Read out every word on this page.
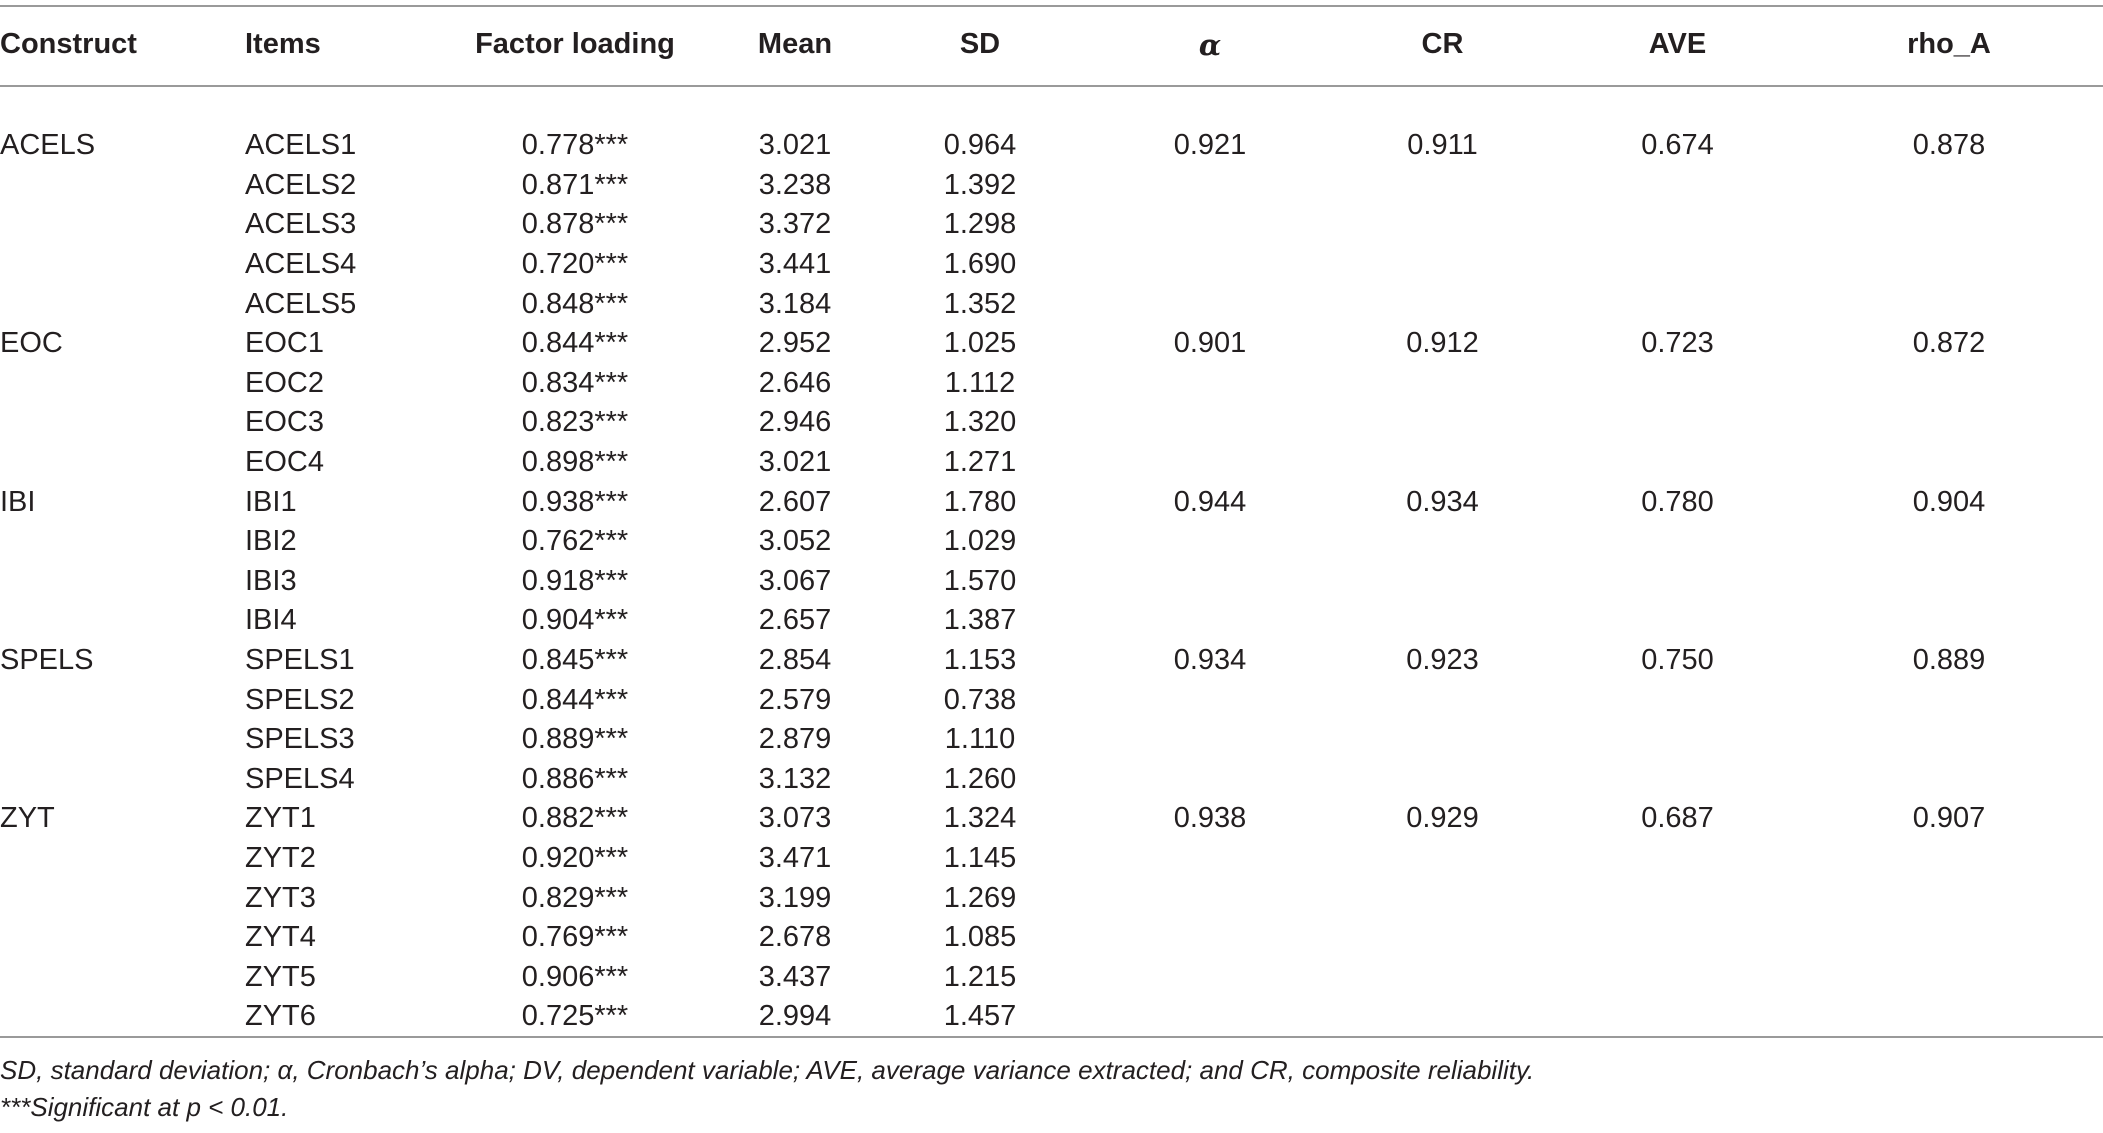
Construct	Items	Factor loading	Mean	SD	α	CR	AVE	rho_A
ACELS	ACELS1	0.778***	3.021	0.964	0.921	0.911	0.674	0.878
	ACELS2	0.871***	3.238	1.392				
	ACELS3	0.878***	3.372	1.298				
	ACELS4	0.720***	3.441	1.690				
	ACELS5	0.848***	3.184	1.352				
EOC	EOC1	0.844***	2.952	1.025	0.901	0.912	0.723	0.872
	EOC2	0.834***	2.646	1.112				
	EOC3	0.823***	2.946	1.320				
	EOC4	0.898***	3.021	1.271				
IBI	IBI1	0.938***	2.607	1.780	0.944	0.934	0.780	0.904
	IBI2	0.762***	3.052	1.029				
	IBI3	0.918***	3.067	1.570				
	IBI4	0.904***	2.657	1.387				
SPELS	SPELS1	0.845***	2.854	1.153	0.934	0.923	0.750	0.889
	SPELS2	0.844***	2.579	0.738				
	SPELS3	0.889***	2.879	1.110				
	SPELS4	0.886***	3.132	1.260				
ZYT	ZYT1	0.882***	3.073	1.324	0.938	0.929	0.687	0.907
	ZYT2	0.920***	3.471	1.145				
	ZYT3	0.829***	3.199	1.269				
	ZYT4	0.769***	2.678	1.085				
	ZYT5	0.906***	3.437	1.215				
	ZYT6	0.725***	2.994	1.457				

SD, standard deviation; α, Cronbach’s alpha; DV, dependent variable; AVE, average variance extracted; and CR, composite reliability.

***Significant at p < 0.01.
